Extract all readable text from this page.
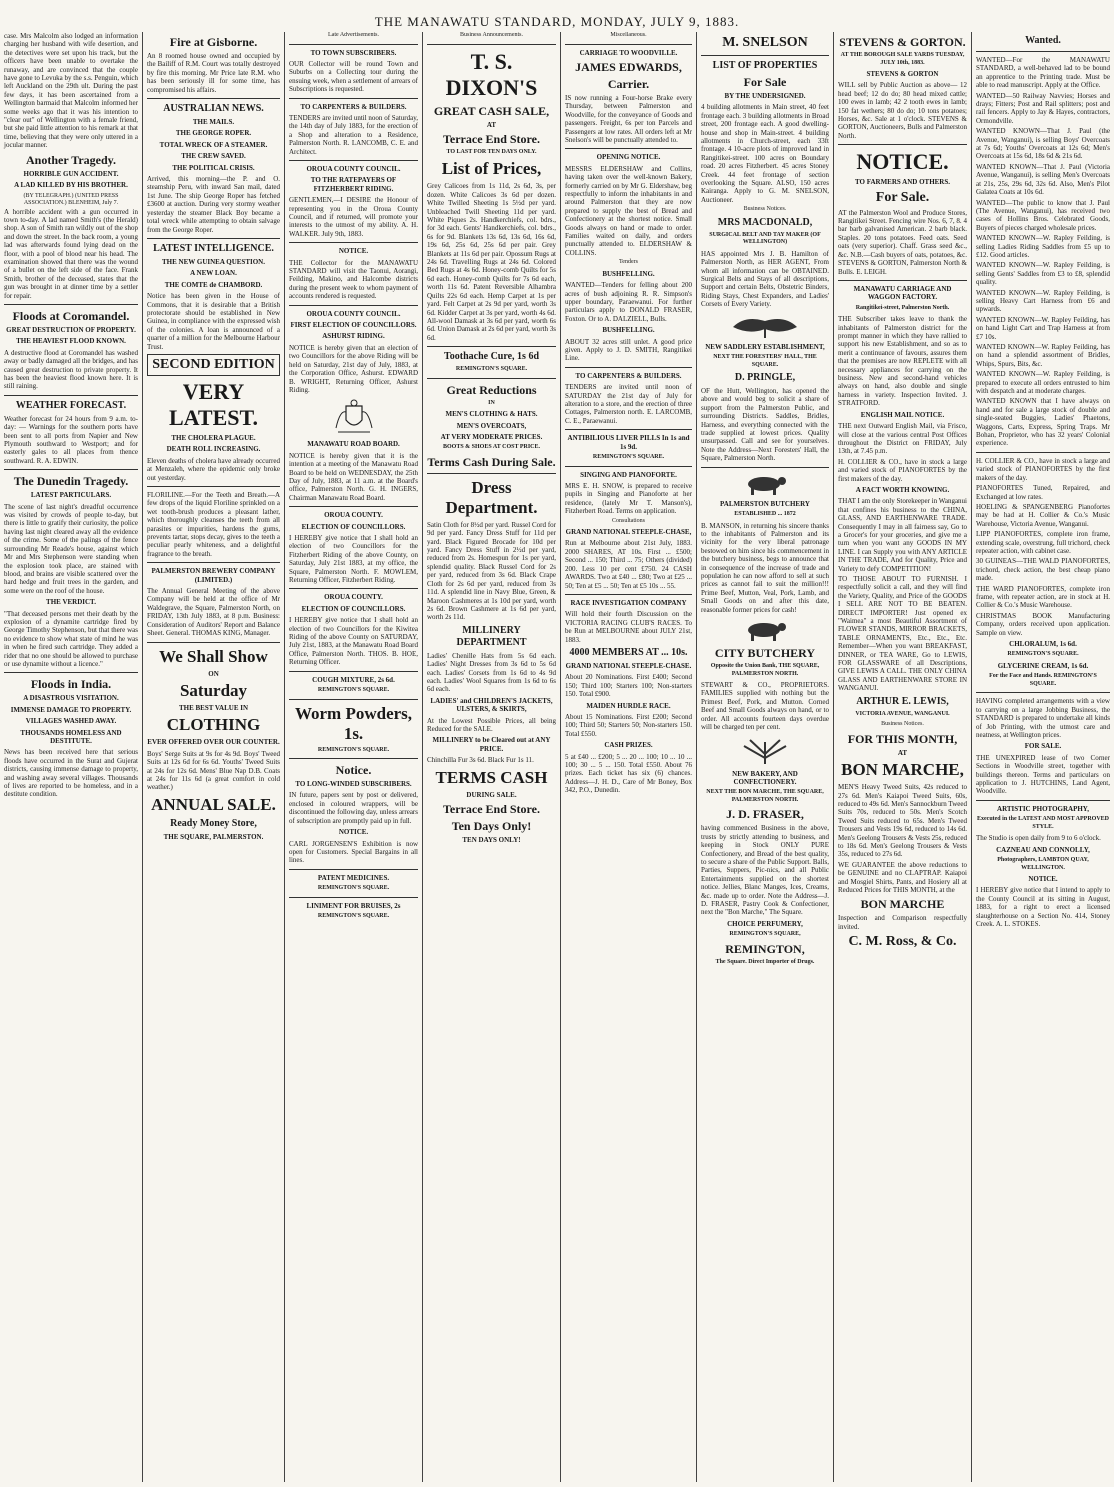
THE MANAWATU STANDARD, MONDAY, JULY 9, 1883.

case. Mrs Malcolm also lodged an information charging her husband with wife desertion, and the detectives were set upon his track, but the officers have been unable to overtake the runaway, and are convinced that the couple have gone to Levuka by the s.s. Penguin, which left Auckland on the 29th ult. During the past few days, it has been ascertained from a Wellington barmaid that Malcolm informed her some weeks ago that it was his intention to "clear out" of Wellington with a female friend, but she paid little attention to his remark at that time, believing that they were only uttered in a jocular manner.

Another Tragedy.
HORRIBLE GUN ACCIDENT.
A LAD KILLED BY HIS BROTHER.
(BY TELEGRAPH.) (UNITED PRESS ASSOCIATION.) BLENHEIM, July 7.

A horrible accident with a gun occurred in town to-day. A lad named Smith's (the Herald) shop. A son of Smith ran wildly out of the shop and down the street. In the back room, a young lad was afterwards found lying dead on the floor, with a pool of blood near his head. The examination showed that there was the wound of a bullet on the left side of the face. Frank Smith, brother of the deceased, states that the gun was brought in at dinner time by a settler for repair.

Floods at Coromandel.
GREAT DESTRUCTION OF PROPERTY.
THE HEAVIEST FLOOD KNOWN.

A destructive flood at Coromandel has washed away or badly damaged all the bridges, and has caused great destruction to private property. It has been the heaviest flood known here. It is still raining.

WEATHER FORECAST.

Weather forecast for 24 hours from 9 a.m. to-day: — Warnings for the southern ports have been sent to all ports from Napier and New Plymouth southward to Westport; and for easterly gales to all places from thence southward. R. A. EDWIN.

The Dunedin Tragedy.
LATEST PARTICULARS.

The scene of last night's dreadful occurrence was visited by crowds of people to-day, but there is little to gratify their curiosity, the police having last night cleared away all the evidence of the crime. Some of the palings of the fence surrounding Mr Reade's house, against which Mr and Mrs Stephenson were standing when the explosion took place, are stained with blood, and brains are visible scattered over the hard hedge and fruit trees in the garden, and some were on the roof of the house.

THE VERDICT.

"That deceased persons met their death by the explosion of a dynamite cartridge fired by George Timothy Stephenson, but that there was no evidence to show what state of mind he was in when he fired such cartridge. They added a rider that no one should be allowed to purchase or use dynamite without a licence."

Floods in India.
A DISASTROUS VISITATION.
IMMENSE DAMAGE TO PROPERTY.
VILLAGES WASHED AWAY.
THOUSANDS HOMELESS AND DESTITUTE.

News has been received here that serious floods have occurred in the Surat and Gujerat districts, causing immense damage to property, and washing away several villages. Thousands of lives are reported to be homeless, and in a destitute condition.

Fire at Gisborne.

An 8 roomed house owned and occupied by the Bailiff of R.M. Court was totally destroyed by fire this morning. Mr Price late R.M. who has been seriously ill for some time, has compromised his affairs.

AUSTRALIAN NEWS.
THE MAILS.
THE GEORGE ROPER.
TOTAL WRECK OF A STEAMER.
THE CREW SAVED.
THE POLITICAL CRISIS.

Arrived, this morning—the P. and O. steamship Peru, with inward San mail, dated 1st June. The ship George Roper has fetched £3600 at auction. During very stormy weather yesterday the steamer Black Boy became a total wreck while attempting to obtain salvage from the George Roper.

LATEST INTELLIGENCE.
THE NEW GUINEA QUESTION.
A NEW LOAN.
THE COMTE de CHAMBORD.

Notice has been given in the House of Commons, that it is desirable that a British protectorate should be established in New Guinea, in compliance with the expressed wish of the colonies. A loan is announced of a quarter of a million for the Melbourne Harbour Trust.

SECOND EDITION
VERY LATEST.
THE CHOLERA PLAGUE.
DEATH ROLL INCREASING.

Eleven deaths of cholera have already occurred at Menzaleh, where the epidemic only broke out yesterday.

FLORILINE.—For the Teeth and Breath.—A few drops of the liquid Floriline sprinkled on a wet tooth-brush produces a pleasant lather, which thoroughly cleanses the teeth from all parasites or impurities, hardens the gums, prevents tartar, stops decay, gives to the teeth a peculiar pearly whiteness, and a delightful fragrance to the breath.

PALMERSTON BREWERY COMPANY (LIMITED.)

The Annual General Meeting of the above Company will be held at the office of Mr Waldegrave, the Square, Palmerston North, on FRIDAY, 13th July 1883, at 8 p.m. Business: Consideration of Auditors' Report and Balance Sheet. General. THOMAS KING, Manager.

We Shall Show
ON
Saturday
THE BEST VALUE IN
CLOTHING
EVER OFFERED OVER OUR COUNTER.

Boys' Serge Suits at 9s for 4s 9d. Boys' Tweed Suits at 12s 6d for 6s 6d. Youths' Tweed Suits at 24s for 12s 6d. Mens' Blue Nap D.B. Coats at 24s for 11s 6d (a great comfort in cold weather.)

ANNUAL SALE.
Ready Money Store,
THE SQUARE, PALMERSTON.
Late Advertisements.
TO TOWN SUBSCRIBERS.

OUR Collector will be round Town and Suburbs on a Collecting tour during the ensuing week, when a settlement of arrears of Subscriptions is requested.

TO CARPENTERS & BUILDERS.

TENDERS are invited until noon of Saturday, the 14th day of July 1883, for the erection of a Shop and alteration to a Residence, Palmerston North. R. LANCOMB, C. E. and Architect.

OROUA COUNTY COUNCIL.
TO THE RATEPAYERS OF FITZHERBERT RIDING.

GENTLEMEN,—I DESIRE the Honour of representing you in the Oroua County Council, and if returned, will promote your interests to the utmost of my ability. A. H. WALKER. July 9th, 1883.

NOTICE.

THE Collector for the MANAWATU STANDARD will visit the Taonui, Aorangi, Feilding, Makino, and Halcombe districts during the present week to whom payment of accounts rendered is requested.

OROUA COUNTY COUNCIL.
FIRST ELECTION OF COUNCILLORS.
ASHURST RIDING.

NOTICE is hereby given that an election of two Councillors for the above Riding will be held on Saturday, 21st day of July, 1883, at the Corporation Office, Ashurst. EDWARD B. WRIGHT, Returning Officer, Ashurst Riding.

MANAWATU ROAD BOARD.

NOTICE is hereby given that it is the intention at a meeting of the Manawatu Road Board to be held on WEDNESDAY, the 25th Day of July, 1883, at 11 a.m. at the Board's office, Palmerston North. G. H. INGERS, Chairman Manawatu Road Board.

OROUA COUNTY.
ELECTION OF COUNCILLORS.

I HEREBY give notice that I shall hold an election of two Councillors for the Fitzherbert Riding of the above County, on Saturday, July 21st 1883, at my office, the Square, Palmerston North. F. MOWLEM, Returning Officer, Fitzherbert Riding.

OROUA COUNTY.
ELECTION OF COUNCILLORS.

I HEREBY give notice that I shall hold an election of two Councillors for the Kiwitea Riding of the above County on SATURDAY, July 21st, 1883, at the Manawatu Road Board Office, Palmerston North. THOS. B. HOE, Returning Officer.

COUGH MIXTURE, 2s 6d.
REMINGTON'S SQUARE.
Worm Powders, 1s.
REMINGTON'S SQUARE.
Notice.
TO LONG-WINDED SUBSCRIBERS.

IN future, papers sent by post or delivered, enclosed in coloured wrappers, will be discontinued the following day, unless arrears of subscription are promptly paid up in full.

NOTICE.

CARL JORGENSEN'S Exhibition is now open for Customers. Special Bargains in all lines.

PATENT MEDICINES.
REMINGTON'S SQUARE.
LINIMENT FOR BRUISES, 2s
REMINGTON'S SQUARE.
Business Announcements.
T. S. DIXON'S
GREAT CASH SALE,
AT
Terrace End Store.
TO LAST FOR TEN DAYS ONLY.
List of Prices,

Grey Calicoes from 1s 11d, 2s 6d, 3s, per dozen. White Calicoes 3s 6d per dozen. White Twilled Sheeting 1s 5½d per yard. Unbleached Twill Sheeting 11d per yard. White Piques 2s. Handkerchiefs, col. bdrs., for 3d each. Gents' Handkerchiefs, col. bdrs., 6s for 9d. Blankets 13s 6d, 13s 6d, 16s 6d, 19s 6d, 25s 6d, 25s 6d per pair. Grey Blankets at 11s 6d per pair. Opossum Rugs at 24s 6d. Travelling Rugs at 24s 6d. Colored Bed Rugs at 4s 6d. Honey-comb Quilts for 5s 6d each. Honey-comb Quilts for 7s 6d each, worth 11s 6d. Patent Reversible Alhambra Quilts 22s 6d each. Hemp Carpet at 1s per yard. Felt Carpet at 2s 9d per yard, worth 3s 6d. Kidder Carpet at 3s per yard, worth 4s 6d. All-wool Damask at 3s 6d per yard, worth 6s 6d. Union Damask at 2s 6d per yard, worth 3s 6d.

Toothache Cure, 1s 6d
REMINGTON'S SQUARE.
Great Reductions
IN
MEN'S CLOTHING & HATS.
MEN'S OVERCOATS,
AT VERY MODERATE PRICES.
BOOTS & SHOES AT COST PRICE.
Terms Cash During Sale.
Dress Department.

Satin Cloth for 8½d per yard. Russel Cord for 9d per yard. Fancy Dress Stuff for 11d per yard. Black Figured Brocade for 10d per yard. Fancy Dress Stuff in 2½d per yard, reduced from 2s. Homespun for 1s per yard, splendid quality. Black Russel Cord for 2s per yard, reduced from 3s 6d. Black Crape Cloth for 2s 6d per yard, reduced from 3s 11d. A splendid line in Navy Blue, Green, & Maroon Cashmeres at 1s 10d per yard, worth 2s 6d. Brown Cashmere at 1s 6d per yard, worth 2s 11d.

MILLINERY DEPARTMENT

Ladies' Chenille Hats from 5s 6d each. Ladies' Night Dresses from 3s 6d to 5s 6d each. Ladies' Corsets from 1s 6d to 4s 9d each. Ladies' Wool Squares from 1s 6d to 6s 6d each.

LADIES' and CHILDREN'S JACKETS, ULSTERS, & SKIRTS,

At the Lowest Possible Prices, all being Reduced for the SALE.

MILLINERY to be Cleared out at ANY PRICE.

Chinchilla Fur 3s 6d. Black Fur 1s 11.

TERMS CASH
DURING SALE.
Terrace End Store.
Ten Days Only!
TEN DAYS ONLY!
Miscellaneous.
CARRIAGE TO WOODVILLE.
JAMES EDWARDS,
Carrier.

IS now running a Four-horse Brake every Thursday, between Palmerston and Woodville, for the conveyance of Goods and passengers. Freight, 6s per ton Parcels and Passengers at low rates. All orders left at Mr Snelson's will be punctually attended to.

OPENING NOTICE.

MESSRS ELDERSHAW and Collins, having taken over the well-known Bakery, formerly carried on by Mr G. Eldershaw, beg respectfully to inform the inhabitants in and around Palmerston that they are now prepared to supply the best of Bread and Confectionery at the shortest notice. Small Goods always on hand or made to order. Families waited on daily, and orders punctually attended to. ELDERSHAW & COLLINS.

Tenders
BUSHFELLING.

WANTED—Tenders for felling about 200 acres of bush adjoining R. R. Simpson's upper boundary, Paraewanui. For further particulars apply to DONALD FRASER, Foxton. Or to A. DALZIELL, Bulls.

BUSHFELLING.

ABOUT 32 acres still unlet. A good price given. Apply to J. D. SMITH, Rangitikei Line.

TO CARPENTERS & BUILDERS.

TENDERS are invited until noon of SATURDAY the 21st day of July for alteration to a store, and the erection of three Cottages, Palmerston north. E. LARCOMB, C. E., Paraewanui.

ANTIBILIOUS LIVER PILLS In 1s and 1s 9d.
REMINGTON'S SQUARE.
SINGING AND PIANOFORTE.

MRS E. H. SNOW, is prepared to receive pupils in Singing and Pianoforte at her residence, (lately Mr T. Manson's), Fitzherbert Road. Terms on application.

Consultations
GRAND NATIONAL STEEPLE-CHASE,

Run at Melbourne about 21st July, 1883. 2000 SHARES, AT 10s. First ... £500; Second ... 150; Third ... 75; Others (divided) 200. Less 10 per cent £750. 24 CASH AWARDS. Two at £40 ... £80; Two at £25 ... 50; Ten at £5 ... 50; Ten at £5 10s ... 55.

RACE INVESTIGATION COMPANY

Will hold their fourth Discussion on the VICTORIA RACING CLUB'S RACES. To be Run at MELBOURNE about JULY 21st, 1883.

4000 MEMBERS AT ... 10s.
GRAND NATIONAL STEEPLE-CHASE.

About 20 Nominations. First £400; Second 150; Third 100; Starters 100; Non-starters 150. Total £900.

MAIDEN HURDLE RACE.

About 15 Nominations. First £200; Second 100; Third 50; Starters 50; Non-starters 150. Total £550.

CASH PRIZES.

5 at £40 ... £200; 5 ... 20 ... 100; 10 ... 10 ... 100; 30 ... 5 ... 150. Total £550. About 76 prizes. Each ticket has six (6) chances. Address—J. H. D., Care of Mr Boney, Box 342, P.O., Dunedin.

M. SNELSON
LIST OF PROPERTIES
For Sale
BY THE UNDERSIGNED.

4 building allotments in Main street, 40 feet frontage each. 3 building allotments in Broad street, 200 frontage each. A good dwelling-house and shop in Main-street. 4 building allotments in Church-street, each 33ft frontage. 4 10-acre plots of improved land in Rangitikei-street. 100 acres on Boundary road. 20 acres Fitzherbert. 45 acres Stoney Creek. 44 feet frontage of section overlooking the Square. ALSO, 150 acres Kairanga. Apply to G. M. SNELSON, Auctioneer.

Business Notices.
MRS MACDONALD,
SURGICAL BELT AND TAY MAKER (OF WELLINGTON)

HAS appointed Mrs J. B. Hamilton of Palmerston North, as HER AGENT, From whom all information can be OBTAINED. Surgical Belts and Stays of all descriptions, Support and certain Belts, Obstetric Binders, Riding Stays, Chest Expanders, and Ladies' Corsets of Every Variety.

NEW SADDLERY ESTABLISHMENT,
NEXT THE FORESTERS' HALL, THE SQUARE.
D. PRINGLE,

OF the Hutt, Wellington, has opened the above and would beg to solicit a share of support from the Palmerston Public, and surrounding Districts. Saddles, Bridles, Harness, and everything connected with the trade supplied at lowest prices. Quality unsurpassed. Call and see for yourselves. Note the Address—Next Foresters' Hall, the Square, Palmerston North.

PALMERSTON BUTCHERY
ESTABLISHED ... 1872

B. MANSON, in returning his sincere thanks to the inhabitants of Palmerston and its vicinity for the very liberal patronage bestowed on him since his commencement in the butchery business, begs to announce that in consequence of the increase of trade and population he can now afford to sell at such prices as cannot fail to suit the million!!! Prime Beef, Mutton, Veal, Pork, Lamb, and Small Goods on and after this date, reasonable former prices for cash!

CITY BUTCHERY
Opposite the Union Bank, THE SQUARE, PALMERSTON NORTH.

STEWART & CO., PROPRIETORS. FAMILIES supplied with nothing but the Primest Beef, Pork, and Mutton. Corned Beef and Small Goods always on hand, or to order. All accounts fourteen days overdue will be charged ten per cent.

NEW BAKERY, AND CONFECTIONERY.
NEXT THE BON MARCHE, THE SQUARE, PALMERSTON NORTH.
J. D. FRASER,

having commenced Business in the above, trusts by strictly attending to business, and keeping in Stock ONLY PURE Confectionery, and Bread of the best quality, to secure a share of the Public Support. Balls, Parties, Suppers, Pic-nics, and all Public Entertainments supplied on the shortest notice. Jellies, Blanc Manges, Ices, Creams, &c. made up to order. Note the Address—J. D. FRASER, Pastry Cook & Confectioner, next the "Bon Marche," The Square.

CHOICE PERFUMERY,
REMINGTON'S SQUARE,
REMINGTON,
The Square. Direct Importer of Drugs.
STEVENS & GORTON.
AT THE BOROUGH SALE YARDS TUESDAY, JULY 10th, 1883.
STEVENS & GORTON

WILL sell by Public Auction as above— 12 head beef; 12 do do; 80 head mixed cattle; 100 ewes in lamb; 42 2 tooth ewes in lamb; 150 fat wethers; 80 do do; 10 tons potatoes; Horses, &c. Sale at 1 o'clock. STEVENS & GORTON, Auctioneers, Bulls and Palmerston North.

NOTICE.
TO FARMERS AND OTHERS.
For Sale.

AT the Palmerston Wool and Produce Stores, Rangitikei Street. Fencing wire Nos. 6, 7, 8. 4 bar barb galvanised American. 2 barb black. Staples. 20 tons potatoes. Feed oats. Seed oats (very superior). Chaff. Grass seed &c., &c. N.B.—Cash buyers of oats, potatoes, &c. STEVENS & GORTON, Palmerston North & Bulls. E. LEIGH.

MANAWATU CARRIAGE AND WAGGON FACTORY.
Rangitikei-street, Palmerston North.

THE Subscriber takes leave to thank the inhabitants of Palmerston district for the prompt manner in which they have rallied to support his new Establishment, and so as to merit a continuance of favours, assures them that the premises are now REPLETE with all necessary appliances for carrying on the business. New and second-hand vehicles always on hand, also double and single harness in variety. Inspection Invited. J. STRATFORD.

ENGLISH MAIL NOTICE.

THE next Outward English Mail, via Frisco, will close at the various central Post Offices throughout the District on FRIDAY, July 13th, at 7.45 p.m.

H. COLLIER & CO., have in stock a large and varied stock of PIANOFORTES by the first makers of the day.

A FACT WORTH KNOWING.

THAT I am the only Storekeeper in Wanganui that confines his business to the CHINA, GLASS, AND EARTHENWARE TRADE. Consequently I may in all fairness say, Go to a Grocer's for your groceries, and give me a turn when you want any GOODS IN MY LINE. I can Supply you with ANY ARTICLE IN THE TRADE, And for Quality, Price and Variety to defy COMPETITION!

TO THOSE ABOUT TO FURNISH. I respectfully solicit a call, and they will find the Variety, Quality, and Price of the GOODS I SELL ARE NOT TO BE BEATEN. DIRECT IMPORTER! Just opened ex "Waimea" a most Beautiful Assortment of FLOWER STANDS, MIRROR BRACKETS, TABLE ORNAMENTS, Etc., Etc., Etc. Remember—When you want BREAKFAST, DINNER, or TEA WARE, Go to LEWIS, FOR GLASSWARE of all Descriptions, GIVE LEWIS A CALL. THE ONLY CHINA GLASS AND EARTHENWARE STORE IN WANGANUI.

ARTHUR E. LEWIS,
VICTORIA AVENUE, WANGANUI.
Business Notices.
FOR THIS MONTH,
AT
BON MARCHE,

MEN'S Heavy Tweed Suits, 42s reduced to 27s 6d. Men's Kaiapoi Tweed Suits, 60s, reduced to 49s 6d. Men's Sannockburn Tweed Suits 70s, reduced to 50s. Men's Scotch Tweed Suits reduced to 65s. Men's Tweed Trousers and Vests 19s 6d, reduced to 14s 6d. Men's Geelong Trousers & Vests 25s, reduced to 18s 6d. Men's Geelong Trousers & Vests 35s, reduced to 27s 6d.

WE GUARANTEE the above reductions to be GENUINE and no CLAPTRAP. Kaiapoi and Mosgiel Shirts, Pants, and Hosiery all at Reduced Prices for THIS MONTH, at the

BON MARCHE

Inspection and Comparison respectfully invited.

C. M. Ross, & Co.
Wanted.

WANTED—For the MANAWATU STANDARD, a well-behaved lad to be bound an apprentice to the Printing trade. Must be able to read manuscript. Apply at the Office.

WANTED—50 Railway Navvies; Horses and drays; Fitters; Post and Rail splitters; post and rail fencers. Apply to Jay & Hayes, contractors, Ormondville.

WANTED KNOWN—That J. Paul (the Avenue, Wanganui), is selling Boys' Overcoats at 7s 6d; Youths' Overcoats at 12s 6d; Men's Overcoats at 15s 6d, 18s 6d & 21s 6d.

WANTED KNOWN—That J. Paul (Victoria Avenue, Wanganui), is selling Men's Overcoats at 21s, 25s, 29s 6d, 32s 6d. Also, Men's Pilot Galatea Coats at 10s 6d.

WANTED—The public to know that J. Paul (The Avenue, Wanganui), has received two cases of Hollins Bros. Celebrated Goods, Buyers of pieces charged wholesale prices.

WANTED KNOWN—W. Rapley Feilding, is selling Ladies Riding Saddles from £5 up to £12. Good articles.

WANTED KNOWN—W. Rapley Feilding, is selling Gents' Saddles from £3 to £8, splendid quality.

WANTED KNOWN—W. Rapley Feilding, is selling Heavy Cart Harness from £6 and upwards.

WANTED KNOWN—W. Rapley Feilding, has on hand Light Cart and Trap Harness at from £7 10s.

WANTED KNOWN—W. Rapley Feilding, has on hand a splendid assortment of Bridles, Whips, Spurs, Bits, &c.

WANTED KNOWN—W. Rapley Feilding, is prepared to execute all orders entrusted to him with despatch and at moderate charges.

WANTED KNOWN that I have always on hand and for sale a large stock of double and single-seated Buggies, Ladies' Phaetons, Waggons, Carts, Express, Spring Traps. Mr Bohan, Proprietor, who has 32 years' Colonial experience.

H. COLLIER & CO., have in stock a large and varied stock of PIANOFORTES by the first makers of the day.

PIANOFORTES Tuned, Repaired, and Exchanged at low rates.

HOELING & SPANGENBERG Pianofortes may be had at H. Collier & Co.'s Music Warehouse, Victoria Avenue, Wanganui.

LIPP PIANOFORTES, complete iron frame, extending scale, overstrung, full trichord, check repeater action, with cabinet case.

30 GUINEAS—THE WALD PIANOFORTES, trichord, check action, the best cheap piano made.

THE WARD PIANOFORTES, complete iron frame, with repeater action, are in stock at H. Collier & Co.'s Music Warehouse.

CHRISTMAS BOOK Manufacturing Company, orders received upon application. Sample on view.

CHLORALUM, 1s 6d.
REMINGTON'S SQUARE.
GLYCERINE CREAM, 1s 6d.
For the Face and Hands. REMINGTON'S SQUARE.

HAVING completed arrangements with a view to carrying on a large Jobbing Business, the STANDARD is prepared to undertake all kinds of Job Printing, with the utmost care and neatness, at Wellington prices.

FOR SALE.

THE UNEXPIRED lease of two Corner Sections in Woodville street, together with buildings thereon. Terms and particulars on application to J. HUTCHINS, Land Agent, Woodville.

ARTISTIC PHOTOGRAPHY,
Executed in the LATEST AND MOST APPROVED STYLE.

The Studio is open daily from 9 to 6 o'clock.

CAZNEAU AND CONNOLLY,
Photographers, LAMBTON QUAY, WELLINGTON.
NOTICE.

I HEREBY give notice that I intend to apply to the County Council at its sitting in August, 1883, for a right to erect a licensed slaughterhouse on a Section No. 414, Stoney Creek. A. L. STOKES.
